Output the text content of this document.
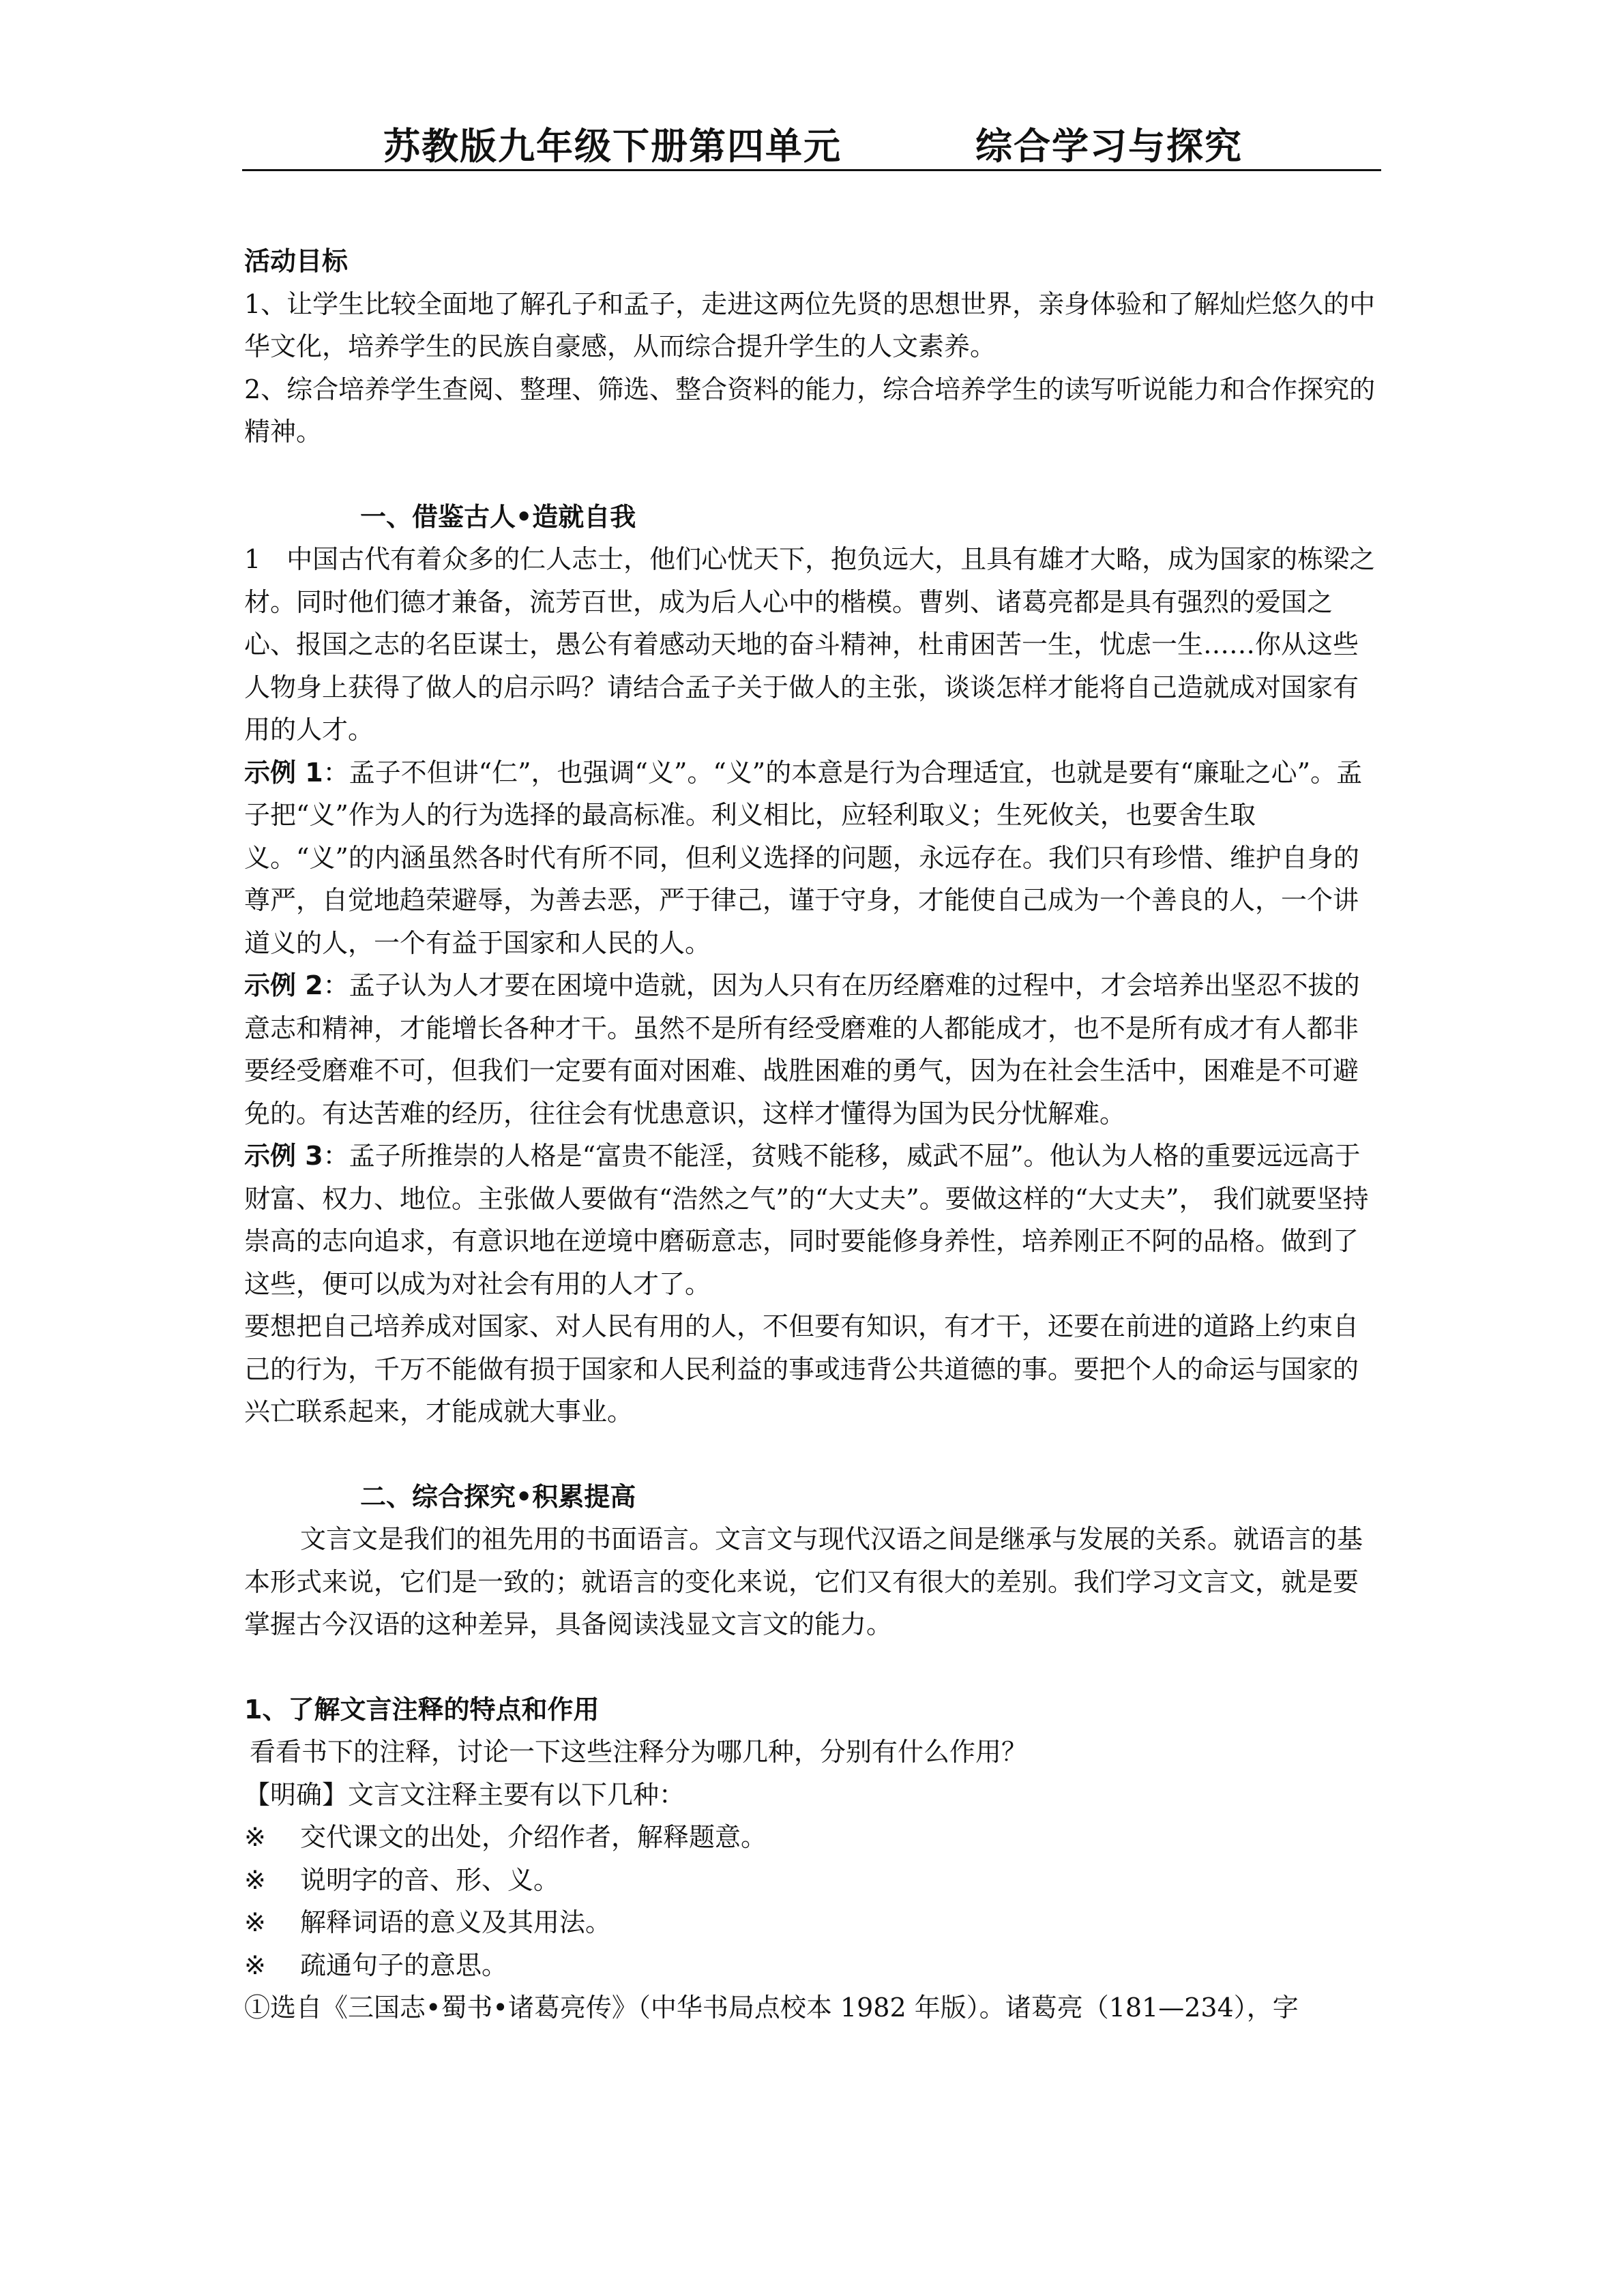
苏教版九年级下册第四单元	综合学习与探究

活动目标

1、让学生比较全面地了解孔子和孟子，走进这两位先贤的思想世界，亲身体验和了解灿烂悠久的中华文化，培养学生的民族自豪感，从而综合提升学生的人文素养。

2、综合培养学生查阅、整理、筛选、整合资料的能力，综合培养学生的读写听说能力和合作探究的精神。

一、借鉴古人•造就自我

1　中国古代有着众多的仁人志士，他们心忧天下，抱负远大，且具有雄才大略，成为国家的栋梁之材。同时他们德才兼备，流芳百世，成为后人心中的楷模。曹刿、诸葛亮都是具有强烈的爱国之心、报国之志的名臣谋士，愚公有着感动天地的奋斗精神，杜甫困苦一生，忧虑一生……你从这些人物身上获得了做人的启示吗？请结合孟子关于做人的主张，谈谈怎样才能将自己造就成对国家有用的人才。

示例 1：孟子不但讲“仁”，也强调“义”。“义”的本意是行为合理适宜，也就是要有“廉耻之心”。孟子把“义”作为人的行为选择的最高标准。利义相比，应轻利取义；生死攸关，也要舍生取义。“义”的内涵虽然各时代有所不同，但利义选择的问题，永远存在。我们只有珍惜、维护自身的尊严，自觉地趋荣避辱，为善去恶，严于律己，谨于守身，才能使自己成为一个善良的人，一个讲道义的人，一个有益于国家和人民的人。

示例 2：孟子认为人才要在困境中造就，因为人只有在历经磨难的过程中，才会培养出坚忍不拔的意志和精神，才能增长各种才干。虽然不是所有经受磨难的人都能成才，也不是所有成才有人都非要经受磨难不可，但我们一定要有面对困难、战胜困难的勇气，因为在社会生活中，困难是不可避免的。有达苦难的经历，往往会有忧患意识，这样才懂得为国为民分忧解难。

示例 3：孟子所推崇的人格是“富贵不能淫，贫贱不能移，威武不屈”。他认为人格的重要远远高于财富、权力、地位。主张做人要做有“浩然之气”的“大丈夫”。要做这样的“大丈夫”， 我们就要坚持崇高的志向追求，有意识地在逆境中磨砺意志，同时要能修身养性，培养刚正不阿的品格。做到了这些，便可以成为对社会有用的人才了。

要想把自己培养成对国家、对人民有用的人，不但要有知识，有才干，还要在前进的道路上约束自己的行为，千万不能做有损于国家和人民利益的事或违背公共道德的事。要把个人的命运与国家的兴亡联系起来，才能成就大事业。

二、综合探究•积累提高

文言文是我们的祖先用的书面语言。文言文与现代汉语之间是继承与发展的关系。就语言的基本形式来说，它们是一致的；就语言的变化来说，它们又有很大的差别。我们学习文言文，就是要掌握古今汉语的这种差异，具备阅读浅显文言文的能力。

1、了解文言注释的特点和作用

看看书下的注释，讨论一下这些注释分为哪几种，分别有什么作用？

【明确】文言文注释主要有以下几种：

※ 交代课文的出处，介绍作者，解释题意。

※ 说明字的音、形、义。

※ 解释词语的意义及其用法。

※ 疏通句子的意思。

①选自《三国志•蜀书•诸葛亮传》（中华书局点校本 1982 年版）。诸葛亮（181—234），字
